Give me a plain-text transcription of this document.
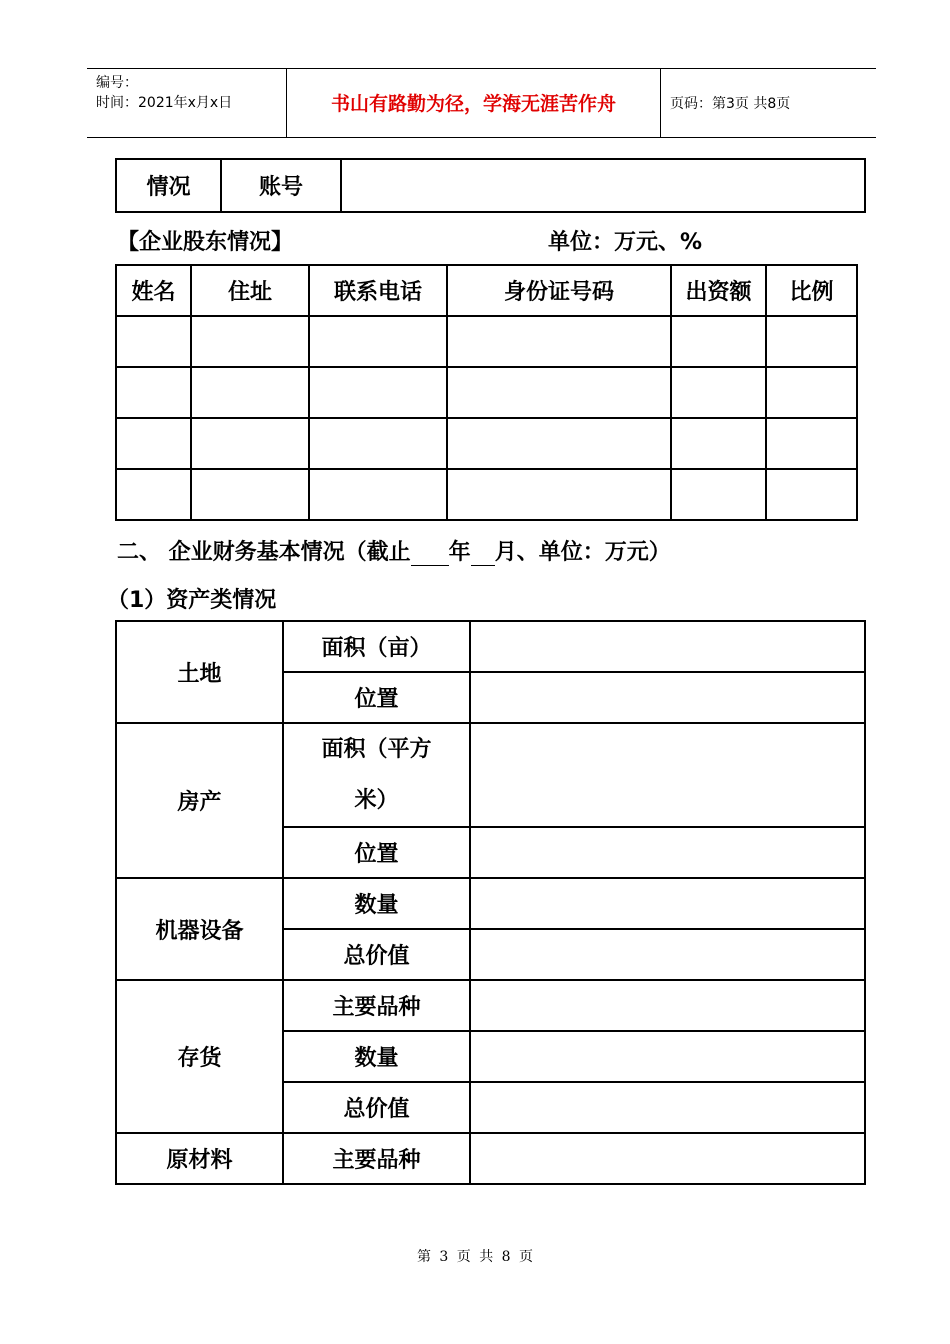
编号：
时间：2021年x月x日	书山有路勤为径，学海无涯苦作舟	页码：第3页 共8页
情况	账号	
【企业股东情况】	单位：万元、%
姓名	住址	联系电话	身份证号码	出资额	比例

二、 企业财务基本情况（截止 年 月、单位：万元）
（1）资产类情况
土地	面积（亩）	
	位置	
房产	面积（平方
米）	

	位置	
机器设备	数量	
	总价值	
存货	主要品种	
	数量	
	总价值	
原材料	主要品种	
第 3 页 共 8 页
